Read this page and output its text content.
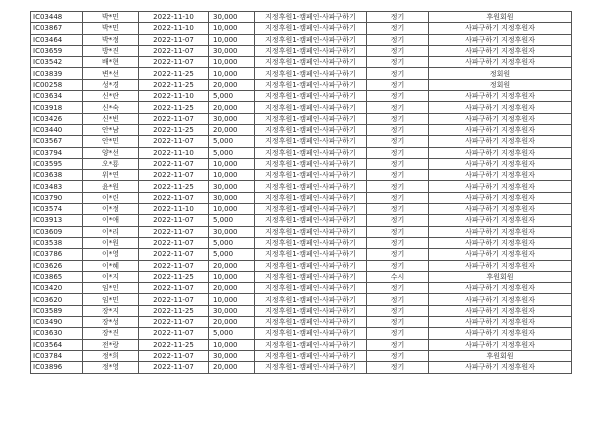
IC03448	박*민	2022-11-10	30,000	지정후원1-캠페인-사파구하기	정기	후원회원
IC03867	박*민	2022-11-10	10,000	지정후원1-캠페인-사파구하기	정기	사파구하기 지정후원자
IC03464	박*정	2022-11-07	10,000	지정후원1-캠페인-사파구하기	정기	사파구하기 지정후원자
IC03659	방*진	2022-11-07	30,000	지정후원1-캠페인-사파구하기	정기	사파구하기 지정후원자
IC03542	배*현	2022-11-07	10,000	지정후원1-캠페인-사파구하기	정기	사파구하기 지정후원자
IC03839	변*선	2022-11-25	10,000	지정후원1-캠페인-사파구하기	정기	정회원
IC00258	성*경	2022-11-25	20,000	지정후원1-캠페인-사파구하기	정기	정회원
IC03634	신*란	2022-11-10	5,000	지정후원1-캠페인-사파구하기	정기	사파구하기 지정후원자
IC03918	신*숙	2022-11-25	20,000	지정후원1-캠페인-사파구하기	정기	사파구하기 지정후원자
IC03426	신*빈	2022-11-07	30,000	지정후원1-캠페인-사파구하기	정기	사파구하기 지정후원자
IC03440	안*남	2022-11-25	20,000	지정후원1-캠페인-사파구하기	정기	사파구하기 지정후원자
IC03567	안*민	2022-11-07	5,000	지정후원1-캠페인-사파구하기	정기	사파구하기 지정후원자
IC03794	양*선	2022-11-10	5,000	지정후원1-캠페인-사파구하기	정기	사파구하기 지정후원자
IC03595	오*룡	2022-11-07	10,000	지정후원1-캠페인-사파구하기	정기	사파구하기 지정후원자
IC03638	위*연	2022-11-07	10,000	지정후원1-캠페인-사파구하기	정기	사파구하기 지정후원자
IC03483	윤*원	2022-11-25	30,000	지정후원1-캠페인-사파구하기	정기	사파구하기 지정후원자
IC03790	이*린	2022-11-07	30,000	지정후원1-캠페인-사파구하기	정기	사파구하기 지정후원자
IC03574	이*정	2022-11-10	10,000	지정후원1-캠페인-사파구하기	정기	사파구하기 지정후원자
IC03913	이*애	2022-11-07	5,000	지정후원1-캠페인-사파구하기	정기	사파구하기 지정후원자
IC03609	이*리	2022-11-07	30,000	지정후원1-캠페인-사파구하기	정기	사파구하기 지정후원자
IC03538	이*원	2022-11-07	5,000	지정후원1-캠페인-사파구하기	정기	사파구하기 지정후원자
IC03786	이*영	2022-11-07	5,000	지정후원1-캠페인-사파구하기	정기	사파구하기 지정후원자
IC03626	이*혜	2022-11-07	20,000	지정후원1-캠페인-사파구하기	정기	사파구하기 지정후원자
IC03865	이*지	2022-11-25	10,000	지정후원1-캠페인-사파구하기	수시	후원회원
IC03420	임*인	2022-11-07	20,000	지정후원1-캠페인-사파구하기	정기	사파구하기 지정후원자
IC03620	임*민	2022-11-07	10,000	지정후원1-캠페인-사파구하기	정기	사파구하기 지정후원자
IC03589	장*지	2022-11-25	30,000	지정후원1-캠페인-사파구하기	정기	사파구하기 지정후원자
IC03490	장*성	2022-11-07	20,000	지정후원1-캠페인-사파구하기	정기	사파구하기 지정후원자
IC03630	장*진	2022-11-07	5,000	지정후원1-캠페인-사파구하기	정기	사파구하기 지정후원자
IC03564	전*랑	2022-11-25	10,000	지정후원1-캠페인-사파구하기	정기	사파구하기 지정후원자
IC03784	정*희	2022-11-07	30,000	지정후원1-캠페인-사파구하기	정기	후원회원
IC03896	정*영	2022-11-07	20,000	지정후원1-캠페인-사파구하기	정기	사파구하기 지정후원자
